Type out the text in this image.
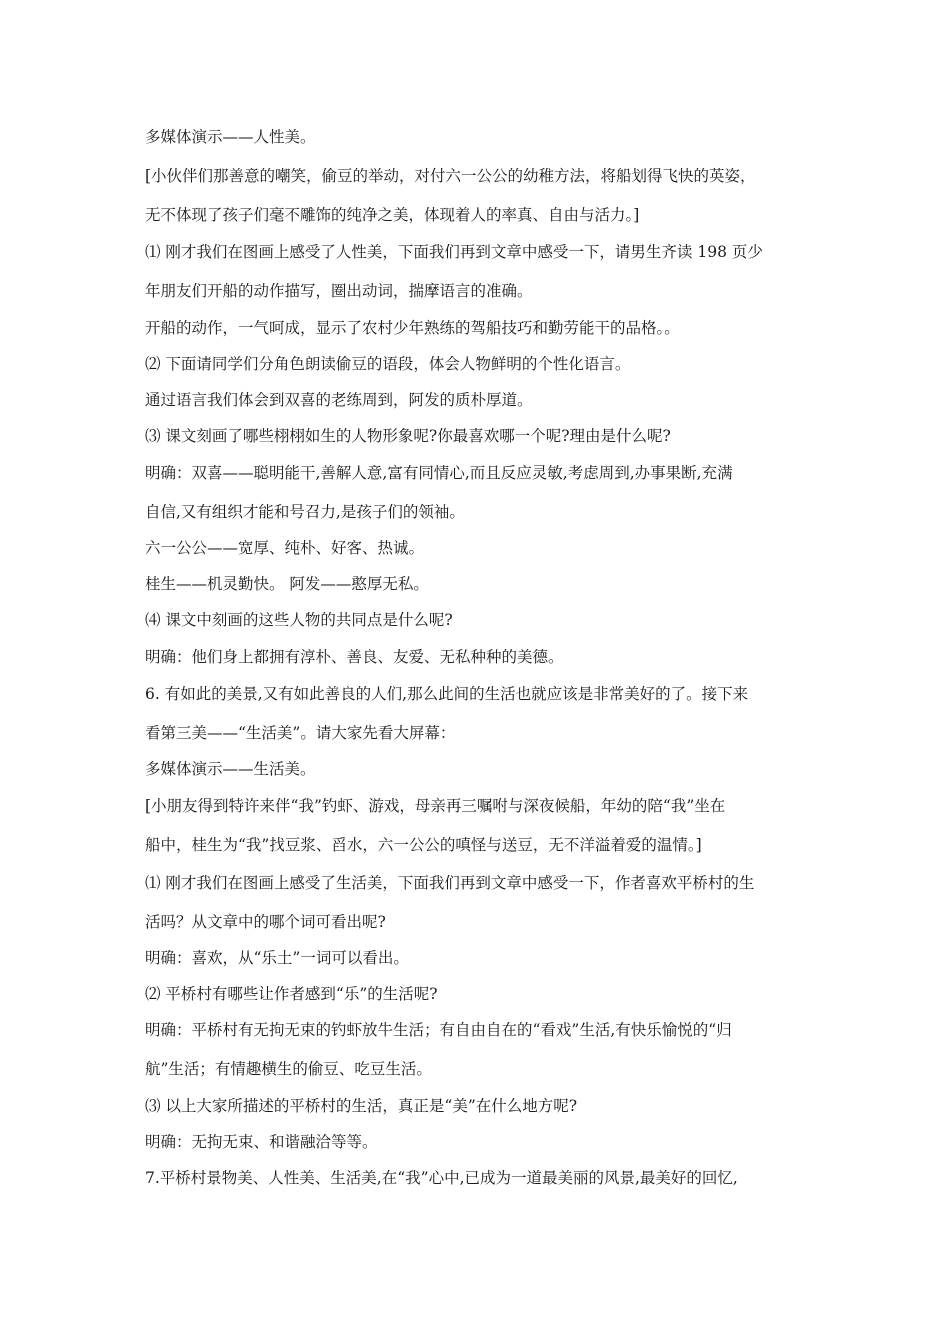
多媒体演示——人性美。
[小伙伴们那善意的嘲笑，偷豆的举动，对付六一公公的幼稚方法，将船划得飞快的英姿，
无不体现了孩子们毫不雕饰的纯净之美，体现着人的率真、自由与活力。]
⑴ 刚才我们在图画上感受了人性美，下面我们再到文章中感受一下，请男生齐读 198 页少
年朋友们开船的动作描写，圈出动词，揣摩语言的准确。
开船的动作，一气呵成，显示了农村少年熟练的驾船技巧和勤劳能干的品格。。
⑵ 下面请同学们分角色朗读偷豆的语段，体会人物鲜明的个性化语言。
通过语言我们体会到双喜的老练周到，阿发的质朴厚道。
⑶ 课文刻画了哪些栩栩如生的人物形象呢?你最喜欢哪一个呢?理由是什么呢?
明确：双喜——聪明能干,善解人意,富有同情心,而且反应灵敏,考虑周到,办事果断,充满
自信,又有组织才能和号召力,是孩子们的领袖。
六一公公——宽厚、纯朴、好客、热诚。
桂生——机灵勤快。 阿发——憨厚无私。
⑷ 课文中刻画的这些人物的共同点是什么呢?
明确：他们身上都拥有淳朴、善良、友爱、无私种种的美德。
6. 有如此的美景,又有如此善良的人们,那么此间的生活也就应该是非常美好的了。接下来
看第三美——“生活美”。请大家先看大屏幕：
多媒体演示——生活美。
[小朋友得到特许来伴“我”钓虾、游戏，母亲再三嘱咐与深夜候船，年幼的陪“我”坐在
船中，桂生为“我”找豆浆、舀水，六一公公的嗔怪与送豆，无不洋溢着爱的温情。]
⑴ 刚才我们在图画上感受了生活美，下面我们再到文章中感受一下，作者喜欢平桥村的生
活吗？从文章中的哪个词可看出呢?
明确：喜欢，从“乐土”一词可以看出。
⑵ 平桥村有哪些让作者感到“乐”的生活呢?
明确：平桥村有无拘无束的钓虾放牛生活；有自由自在的“看戏”生活,有快乐愉悦的“归
航”生活；有情趣横生的偷豆、吃豆生活。
⑶ 以上大家所描述的平桥村的生活，真正是“美”在什么地方呢?
明确：无拘无束、和谐融洽等等。
7.平桥村景物美、人性美、生活美,在“我”心中,已成为一道最美丽的风景,最美好的回忆,
